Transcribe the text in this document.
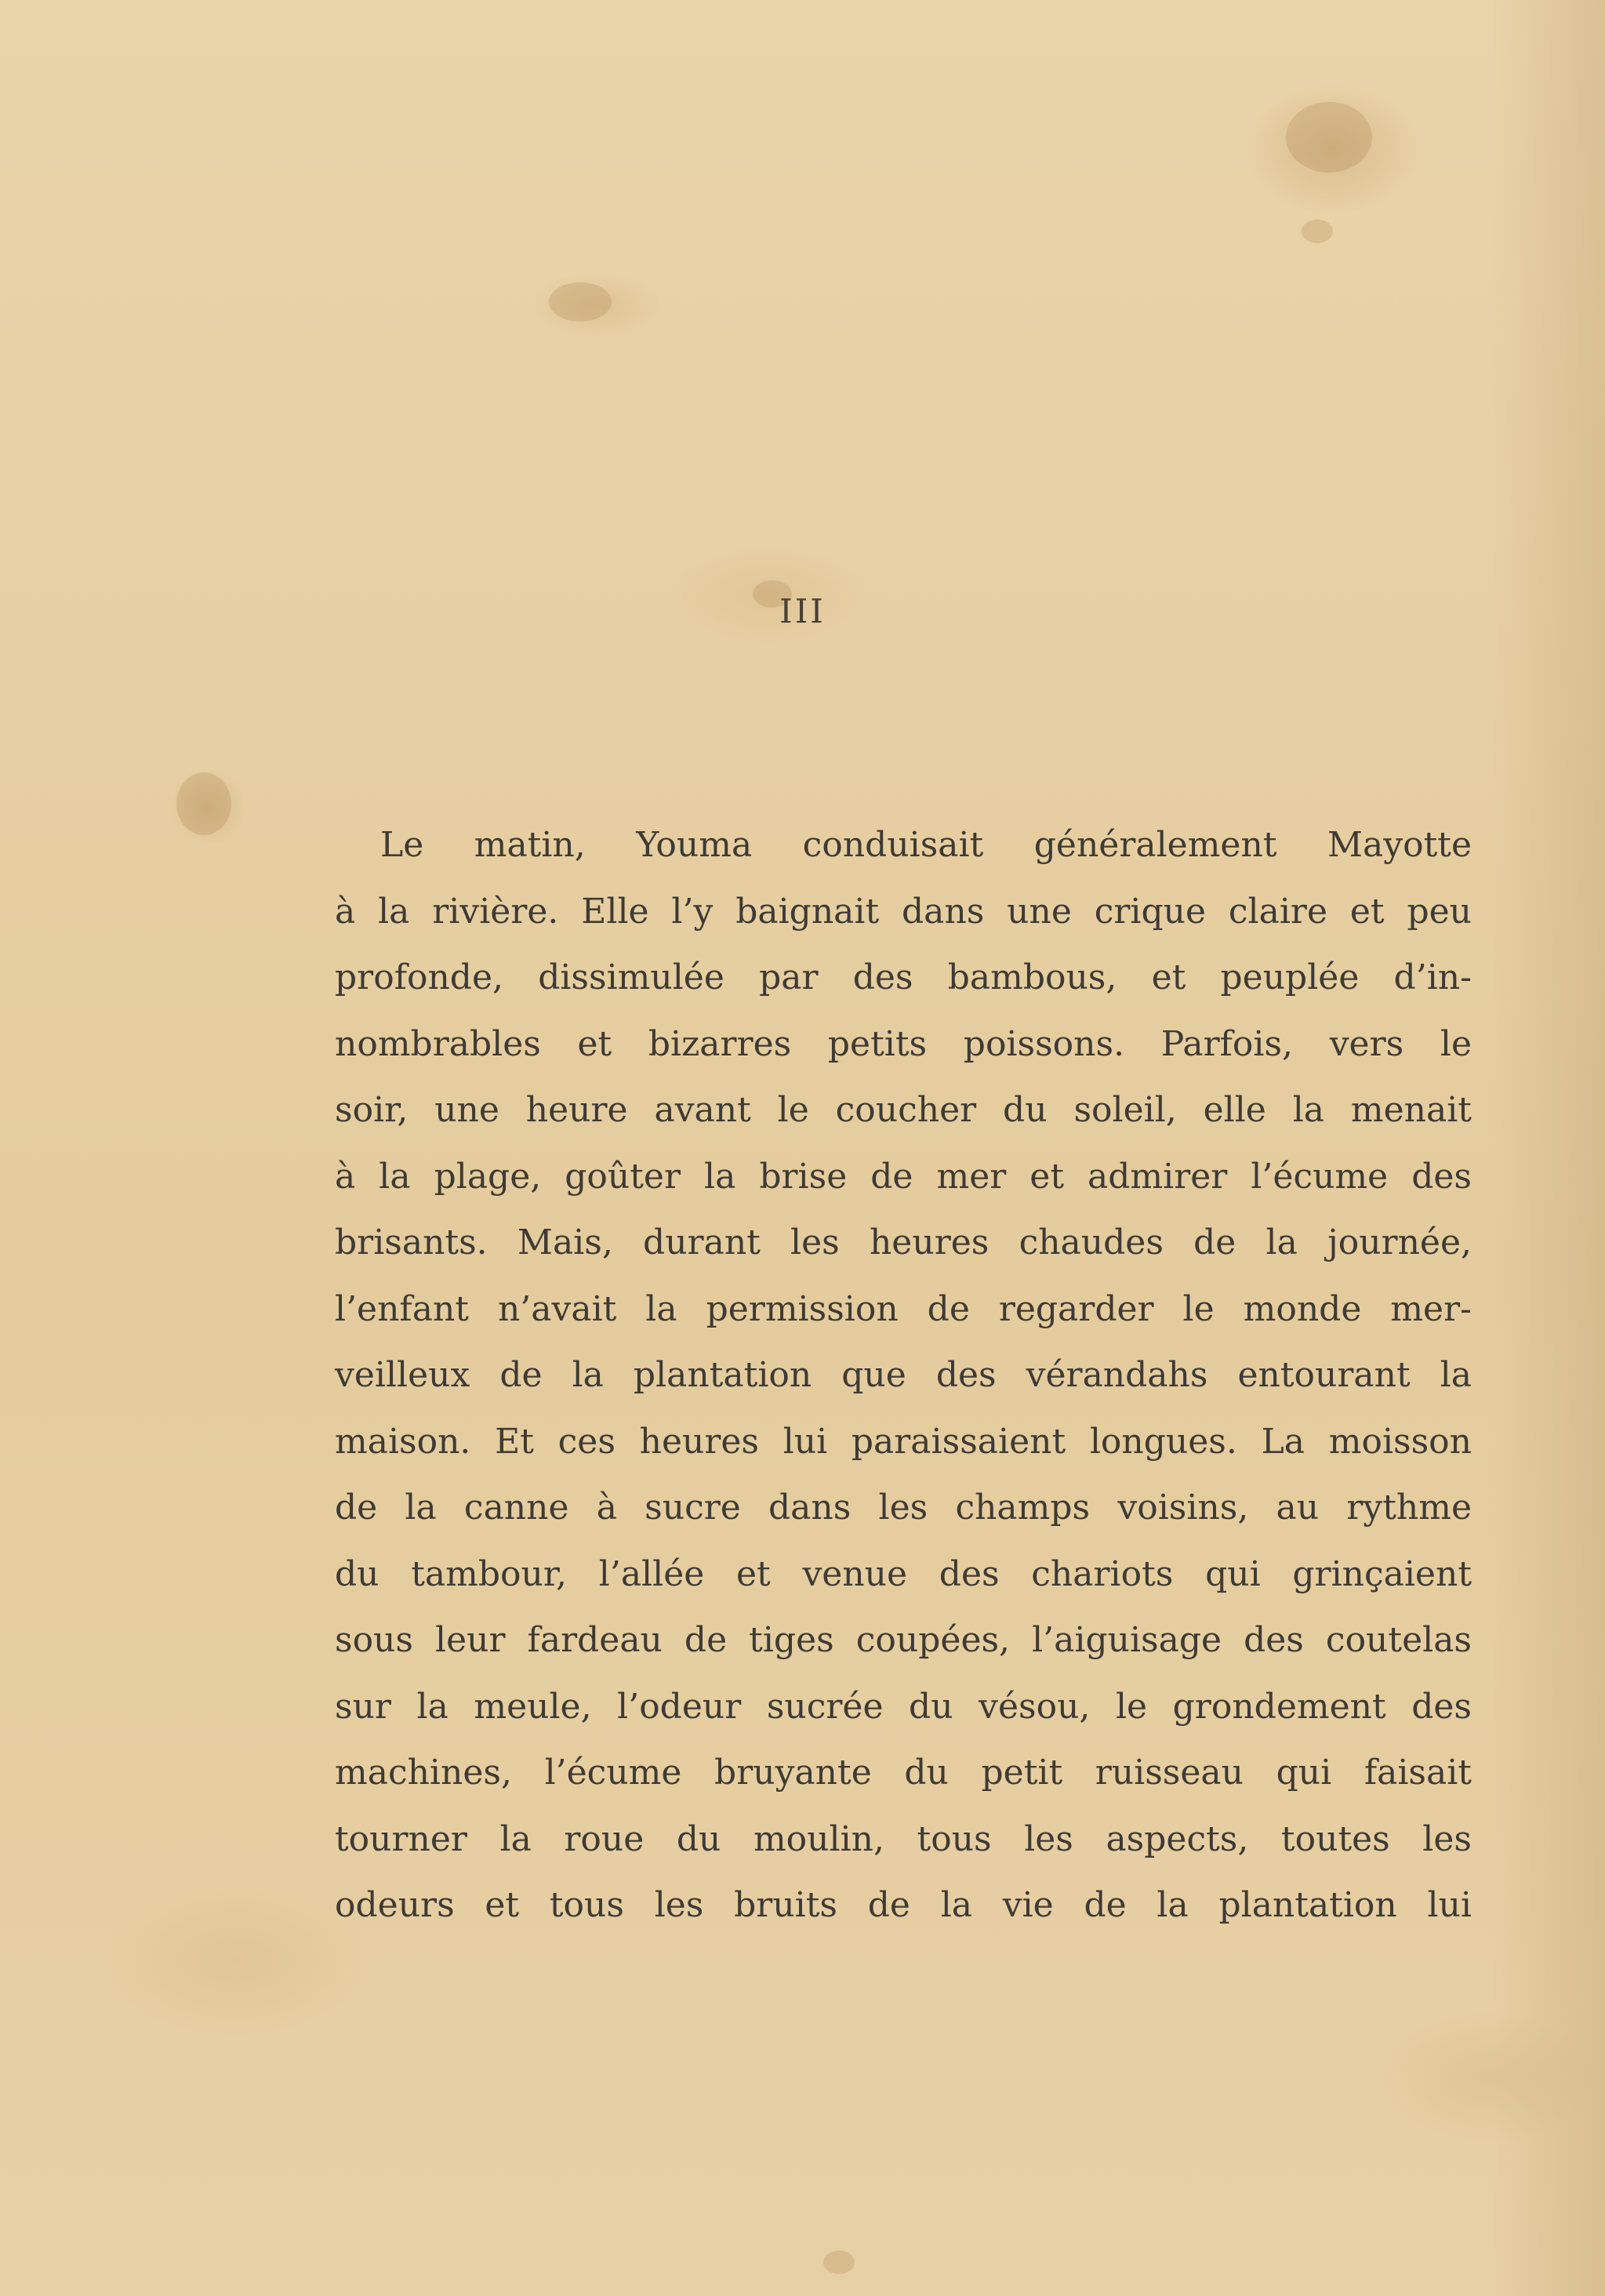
III
Le matin, Youma conduisait généralement Mayotte
à la rivière. Elle l’y baignait dans une crique claire et peu
profonde, dissimulée par des bambous, et peuplée d’in-
nombrables et bizarres petits poissons. Parfois, vers le
soir, une heure avant le coucher du soleil, elle la menait
à la plage, goûter la brise de mer et admirer l’écume des
brisants. Mais, durant les heures chaudes de la journée,
l’enfant n’avait la permission de regarder le monde mer-
veilleux de la plantation que des vérandahs entourant la
maison. Et ces heures lui paraissaient longues. La moisson
de la canne à sucre dans les champs voisins, au rythme
du tambour, l’allée et venue des chariots qui grinçaient
sous leur fardeau de tiges coupées, l’aiguisage des coutelas
sur la meule, l’odeur sucrée du vésou, le grondement des
machines, l’écume bruyante du petit ruisseau qui faisait
tourner la roue du moulin, tous les aspects, toutes les
odeurs et tous les bruits de la vie de la plantation lui
